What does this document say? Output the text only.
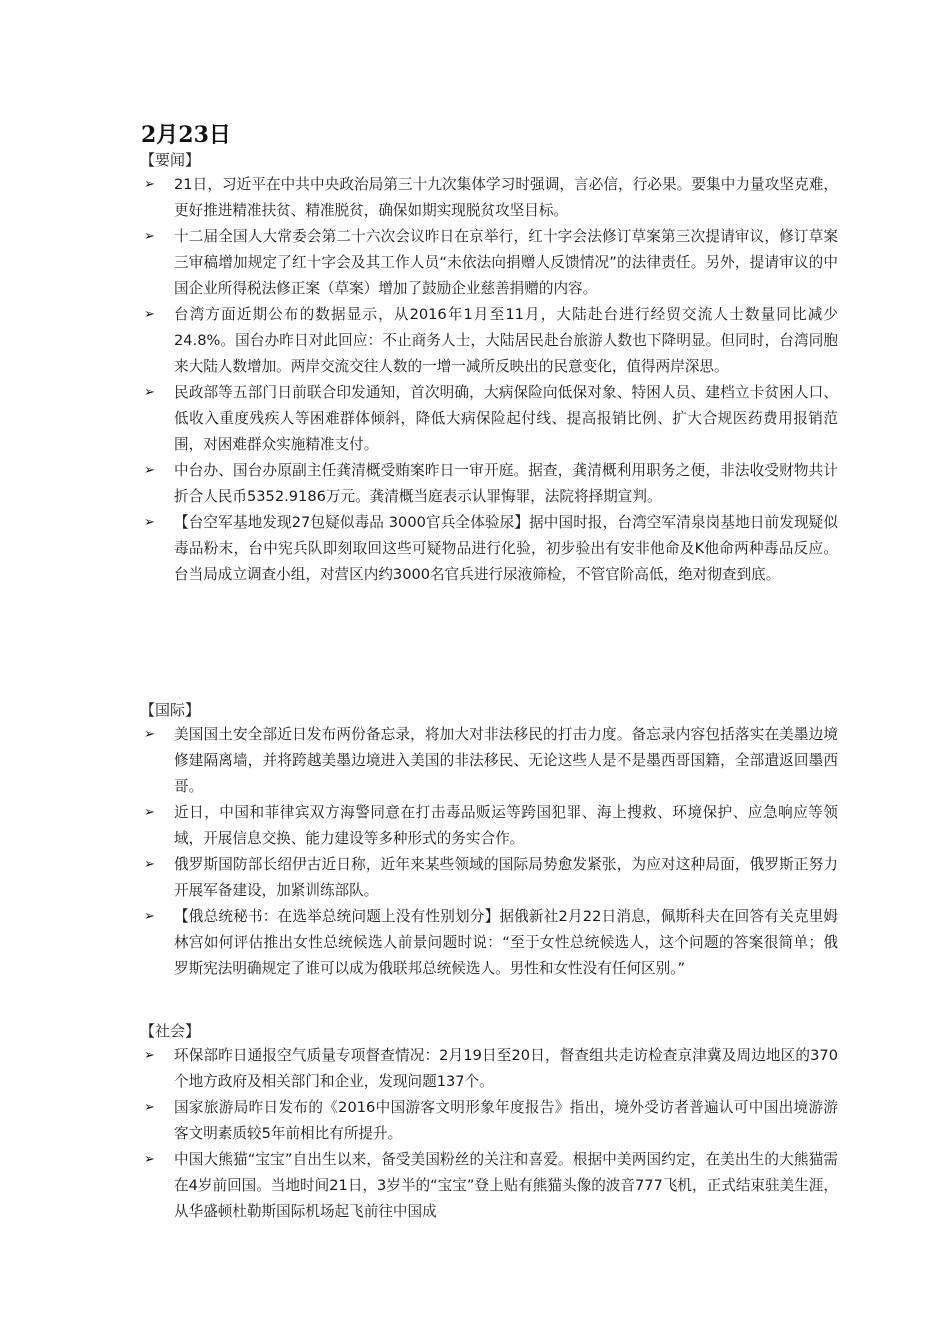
2月23日
【要闻】
➢ 21日，习近平在中共中央政治局第三十九次集体学习时强调，言必信，行必果。要集中力量攻坚克难，更好推进精准扶贫、精准脱贫，确保如期实现脱贫攻坚目标。
➢ 十二届全国人大常委会第二十六次会议昨日在京举行，红十字会法修订草案第三次提请审议，修订草案三审稿增加规定了红十字会及其工作人员“未依法向捐赠人反馈情况”的法律责任。另外，提请审议的中国企业所得税法修正案（草案）增加了鼓励企业慈善捐赠的内容。
➢ 台湾方面近期公布的数据显示，从2016年1月至11月，大陆赴台进行经贸交流人士数量同比减少24.8%。国台办昨日对此回应：不止商务人士，大陆居民赴台旅游人数也下降明显。但同时，台湾同胞来大陆人数增加。两岸交流交往人数的一增一减所反映出的民意变化，值得两岸深思。
➢ 民政部等五部门日前联合印发通知，首次明确，大病保险向低保对象、特困人员、建档立卡贫困人口、低收入重度残疾人等困难群体倾斜，降低大病保险起付线、提高报销比例、扩大合规医药费用报销范围，对困难群众实施精准支付。
➢ 中台办、国台办原副主任龚清概受贿案昨日一审开庭。据查，龚清概利用职务之便，非法收受财物共计折合人民币5352.9186万元。龚清概当庭表示认罪悔罪，法院将择期宣判。
➢ 【台空军基地发现27包疑似毒品 3000官兵全体验尿】据中国时报，台湾空军清泉岗基地日前发现疑似毒品粉末，台中宪兵队即刻取回这些可疑物品进行化验，初步验出有安非他命及K他命两种毒品反应。台当局成立调查小组，对营区内约3000名官兵进行尿液筛检，不管官阶高低，绝对彻查到底。
【国际】
➢ 美国国土安全部近日发布两份备忘录，将加大对非法移民的打击力度。备忘录内容包括落实在美墨边境修建隔离墙，并将跨越美墨边境进入美国的非法移民、无论这些人是不是墨西哥国籍，全部遣返回墨西哥。
➢ 近日，中国和菲律宾双方海警同意在打击毒品贩运等跨国犯罪、海上搜救、环境保护、应急响应等领域，开展信息交换、能力建设等多种形式的务实合作。
➢ 俄罗斯国防部长绍伊古近日称，近年来某些领域的国际局势愈发紧张，为应对这种局面，俄罗斯正努力开展军备建设，加紧训练部队。
➢ 【俄总统秘书：在选举总统问题上没有性别划分】据俄新社2月22日消息，佩斯科夫在回答有关克里姆林宫如何评估推出女性总统候选人前景问题时说：“至于女性总统候选人，这个问题的答案很简单；俄罗斯宪法明确规定了谁可以成为俄联邦总统候选人。男性和女性没有任何区别。”
【社会】
➢ 环保部昨日通报空气质量专项督查情况：2月19日至20日，督查组共走访检查京津冀及周边地区的370个地方政府及相关部门和企业，发现问题137个。
➢ 国家旅游局昨日发布的《2016中国游客文明形象年度报告》指出，境外受访者普遍认可中国出境游游客文明素质较5年前相比有所提升。
➢ 中国大熊猫“宝宝”自出生以来，备受美国粉丝的关注和喜爱。根据中美两国约定，在美出生的大熊猫需在4岁前回国。当地时间21日，3岁半的“宝宝”登上贴有熊猫头像的波音777飞机，正式结束驻美生涯，从华盛顿杜勒斯国际机场起飞前往中国成
